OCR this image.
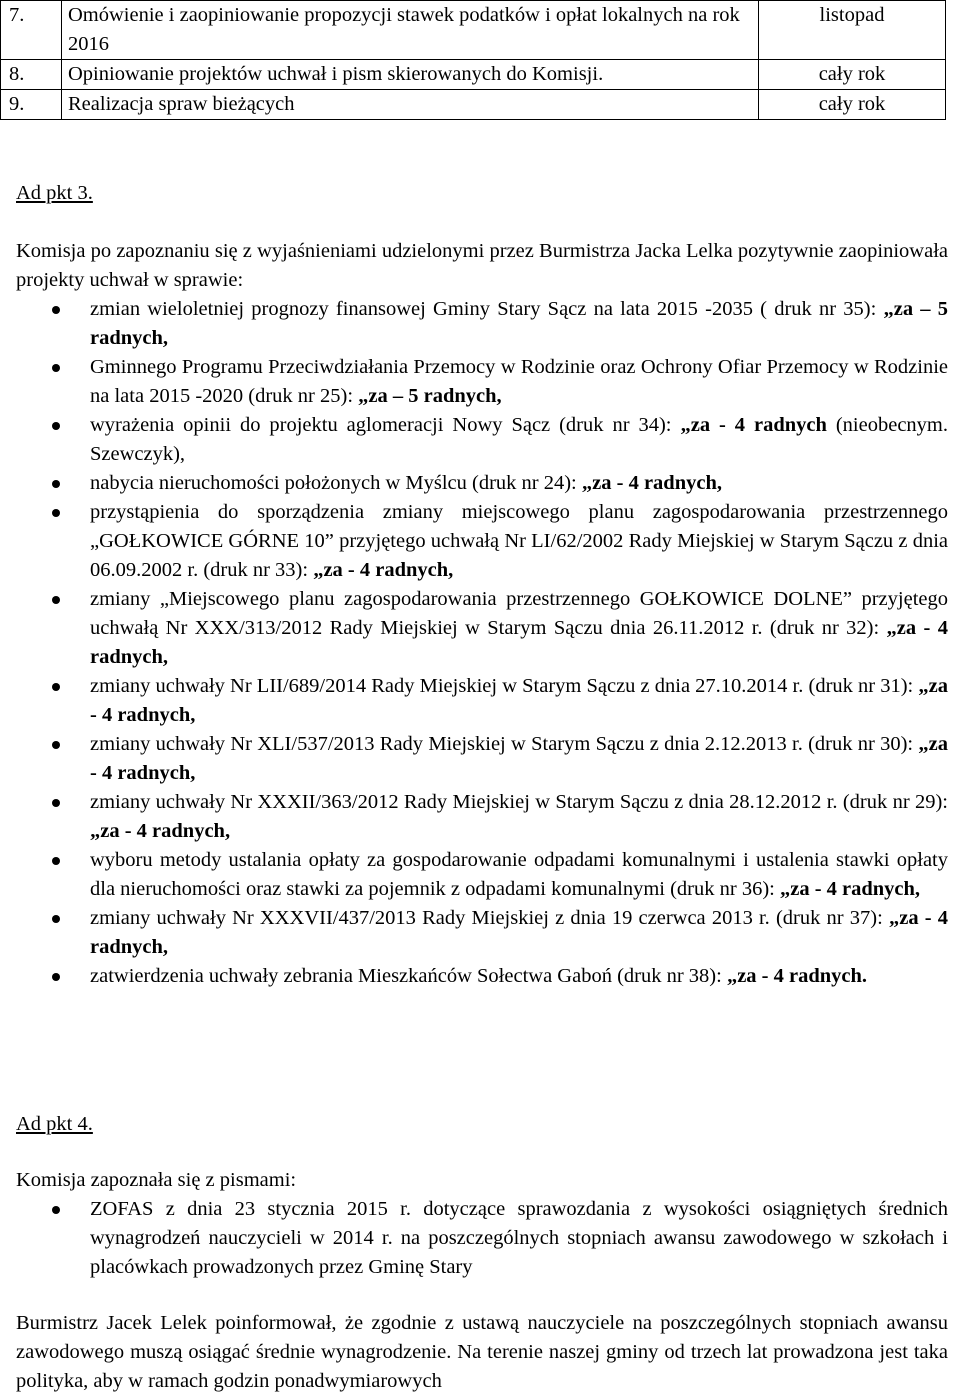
7.	Omówienie i zaopiniowanie propozycji stawek podatków i opłat lokalnych na rok 2016	listopad
8.	Opiniowanie projektów uchwał i pism skierowanych do Komisji.	cały rok
9.	Realizacja spraw bieżących	cały rok
Ad pkt 3.
Komisja po zapoznaniu się z wyjaśnieniami udzielonymi przez Burmistrza Jacka Lelka pozytywnie zaopiniowała projekty uchwał w sprawie:
zmian wieloletniej prognozy finansowej Gminy Stary Sącz na lata 2015 -2035 ( druk nr 35): „za – 5 radnych,
Gminnego Programu Przeciwdziałania Przemocy w Rodzinie oraz Ochrony Ofiar Przemocy w Rodzinie na lata 2015 -2020 (druk nr 25): „za – 5 radnych,
wyrażenia opinii do projektu aglomeracji Nowy Sącz (druk nr 34): „za - 4 radnych (nieobecnym. Szewczyk),
nabycia nieruchomości położonych w Myślcu (druk nr 24): „za - 4 radnych,
przystąpienia do sporządzenia zmiany miejscowego planu zagospodarowania przestrzennego „GOŁKOWICE GÓRNE 10” przyjętego uchwałą Nr LI/62/2002 Rady Miejskiej w Starym Sączu z dnia 06.09.2002 r. (druk nr 33): „za - 4 radnych,
zmiany „Miejscowego planu zagospodarowania przestrzennego GOŁKOWICE DOLNE” przyjętego uchwałą Nr XXX/313/2012 Rady Miejskiej w Starym Sączu dnia 26.11.2012 r. (druk nr 32): „za - 4 radnych,
zmiany uchwały Nr LII/689/2014 Rady Miejskiej w Starym Sączu z dnia 27.10.2014 r. (druk nr 31): „za - 4 radnych,
zmiany uchwały Nr XLI/537/2013 Rady Miejskiej w Starym Sączu z dnia 2.12.2013 r. (druk nr 30): „za - 4 radnych,
zmiany uchwały Nr XXXII/363/2012 Rady Miejskiej w Starym Sączu z dnia 28.12.2012 r. (druk nr 29): „za - 4 radnych,
wyboru metody ustalania opłaty za gospodarowanie odpadami komunalnymi i ustalenia stawki opłaty dla nieruchomości oraz stawki za pojemnik z odpadami komunalnymi (druk nr 36): „za - 4 radnych,
zmiany uchwały Nr XXXVII/437/2013 Rady Miejskiej z dnia 19 czerwca 2013 r. (druk nr 37): „za - 4 radnych,
zatwierdzenia uchwały zebrania Mieszkańców Sołectwa Gaboń (druk nr 38): „za - 4 radnych.
Ad pkt 4.
Komisja zapoznała się z pismami:
ZOFAS z dnia 23 stycznia 2015 r. dotyczące sprawozdania z wysokości osiągniętych średnich wynagrodzeń nauczycieli w 2014 r. na poszczególnych stopniach awansu zawodowego w szkołach i placówkach prowadzonych przez Gminę Stary
Burmistrz Jacek Lelek poinformował, że zgodnie z ustawą nauczyciele na poszczególnych stopniach awansu zawodowego muszą osiągać średnie wynagrodzenie. Na terenie naszej gminy od trzech lat prowadzona jest taka polityka, aby w ramach godzin ponadwymiarowych
